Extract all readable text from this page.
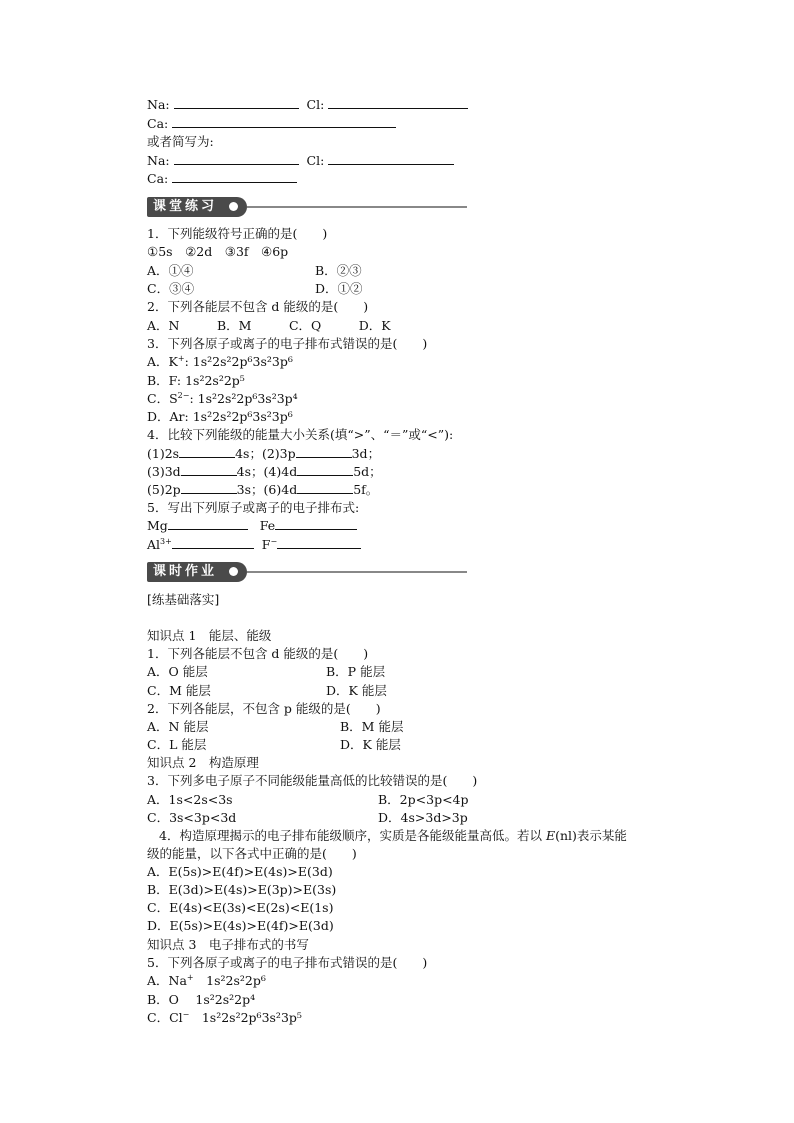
Na:	Cl:
Ca:
或者简写为:
Na:	Cl:
Ca:
课堂练习
1．下列能级符号正确的是(　　)
①5s　②2d　③3f　④6p
A．①④	B．②③
C．③④	D．①②
2．下列各能层不包含 d 能级的是(　　)
A．N　　　B．M　　　C．Q　　　D．K
3．下列各原子或离子的电子排布式错误的是(　　)
A．K+: 1s²2s²2p⁶3s²3p⁶
B．F: 1s²2s²2p⁵
C．$S^{2-}$: 1s²2s²2p⁶3s²3p⁴
D．Ar: 1s²2s²2p⁶3s²3p⁶
4．比较下列能级的能量大小关系(填“>”、“＝”或“<”):
(1)2s	4s；(2)3p	3d；
(3)3d	4s；(4)4d	5d；
(5)2p	3s；(6)4d	5f。
5．写出下列原子或离子的电子排布式:
Mg	Fe
$Al^{3+}$	F−
课时作业
[练基础落实]
知识点 1　能层、能级
1．下列各能层不包含 d 能级的是(　　)
A．O 能层	B．P 能层
C．M 能层	D．K 能层
2．下列各能层，不包含 p 能级的是(　　)
A．N 能层	B．M 能层
C．L 能层	D．K 能层
知识点 2　构造原理
3．下列多电子原子不同能级能量高低的比较错误的是(　　)
A．1s<2s<3s	B．2p<3p<4p
C．3s<3p<3d	D．4s>3d>3p
4．构造原理揭示的电子排布能级顺序，实质是各能级能量高低。若以 E(nl)表示某能
级的能量，以下各式中正确的是(　　)
A．E(5s)>E(4f)>E(4s)>E(3d)
B．E(3d)>E(4s)>E(3p)>E(3s)
C．E(4s)<E(3s)<E(2s)<E(1s)
D．E(5s)>E(4s)>E(4f)>E(3d)
知识点 3　电子排布式的书写
5．下列各原子或离子的电子排布式错误的是(　　)
A．Na+　1s²2s²2p⁶
B．O　 1s²2s²2p⁴
C．Cl−　1s²2s²2p⁶3s²3p⁵
